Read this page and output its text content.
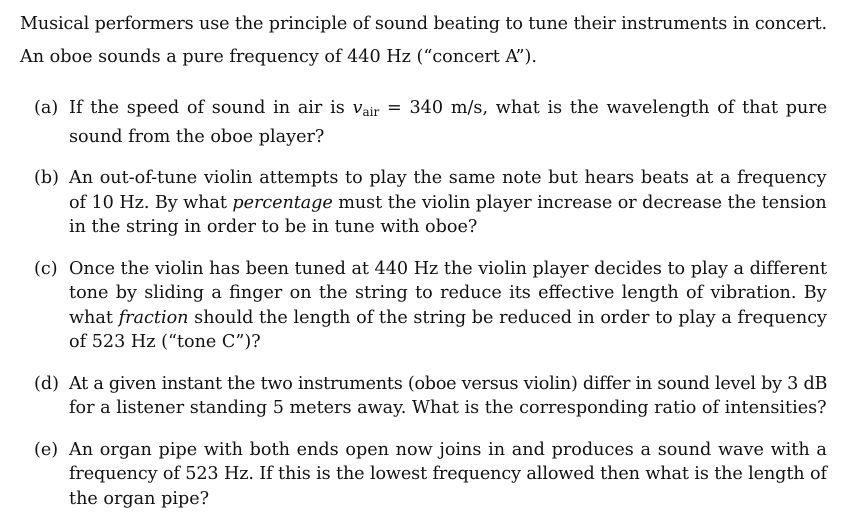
Musical performers use the principle of sound beating to tune their instruments in concert.

An oboe sounds a pure frequency of 440 Hz (“concert A”).

(a) If the speed of sound in air is $v_{air} = 340$ m/s, what is the wavelength of that pure
sound from the oboe player?
(b) An out-of-tune violin attempts to play the same note but hears beats at a frequency
of 10 Hz. By what percentage must the violin player increase or decrease the tension
in the string in order to be in tune with oboe?
(c) Once the violin has been tuned at 440 Hz the violin player decides to play a different
tone by sliding a finger on the string to reduce its effective length of vibration. By
what fraction should the length of the string be reduced in order to play a frequency
of 523 Hz (“tone C”)?
(d) At a given instant the two instruments (oboe versus violin) differ in sound level by 3 dB
for a listener standing 5 meters away. What is the corresponding ratio of intensities?
(e) An organ pipe with both ends open now joins in and produces a sound wave with a
frequency of 523 Hz. If this is the lowest frequency allowed then what is the length of
the organ pipe?
